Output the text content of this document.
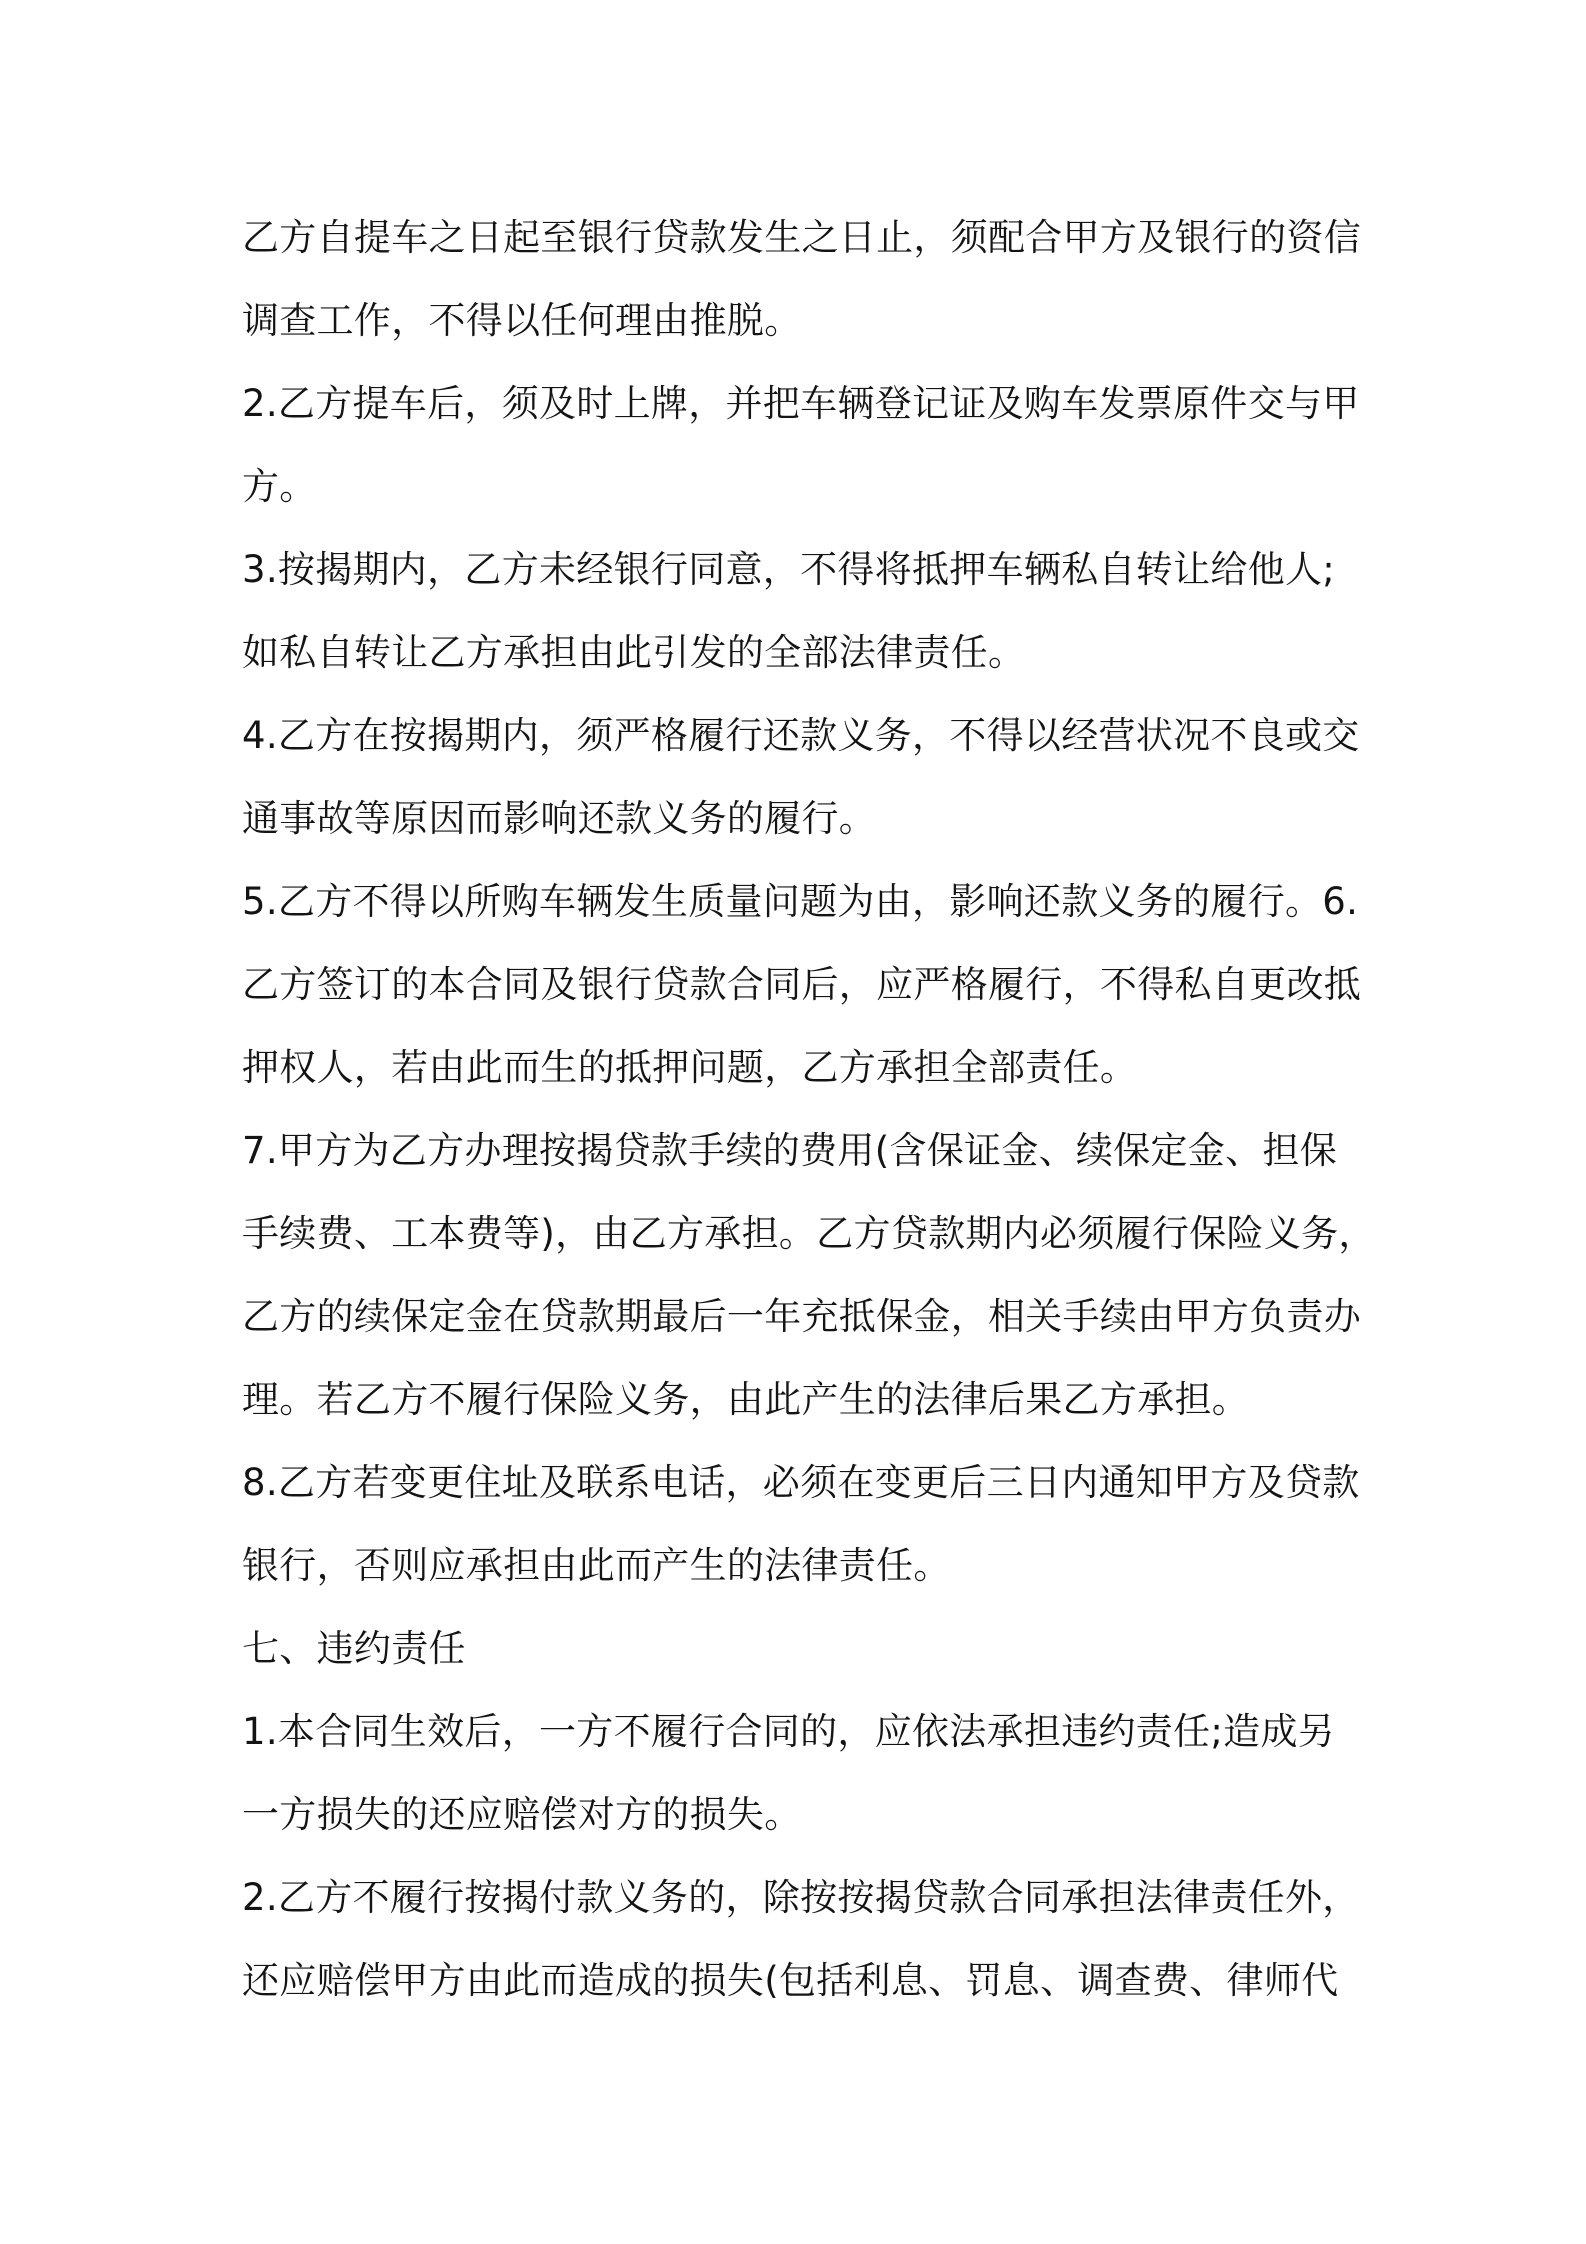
乙方自提车之日起至银行贷款发生之日止，须配合甲方及银行的资信
调查工作，不得以任何理由推脱。
2.乙方提车后，须及时上牌，并把车辆登记证及购车发票原件交与甲
方。
3.按揭期内，乙方未经银行同意，不得将抵押车辆私自转让给他人;
如私自转让乙方承担由此引发的全部法律责任。
4.乙方在按揭期内，须严格履行还款义务，不得以经营状况不良或交
通事故等原因而影响还款义务的履行。
5.乙方不得以所购车辆发生质量问题为由，影响还款义务的履行。6.
乙方签订的本合同及银行贷款合同后，应严格履行，不得私自更改抵
押权人，若由此而生的抵押问题，乙方承担全部责任。
7.甲方为乙方办理按揭贷款手续的费用(含保证金、续保定金、担保
手续费、工本费等)，由乙方承担。乙方贷款期内必须履行保险义务，
乙方的续保定金在贷款期最后一年充抵保金，相关手续由甲方负责办
理。若乙方不履行保险义务，由此产生的法律后果乙方承担。
8.乙方若变更住址及联系电话，必须在变更后三日内通知甲方及贷款
银行，否则应承担由此而产生的法律责任。
七、违约责任
1.本合同生效后，一方不履行合同的，应依法承担违约责任;造成另
一方损失的还应赔偿对方的损失。
2.乙方不履行按揭付款义务的，除按按揭贷款合同承担法律责任外，
还应赔偿甲方由此而造成的损失(包括利息、罚息、调查费、律师代
